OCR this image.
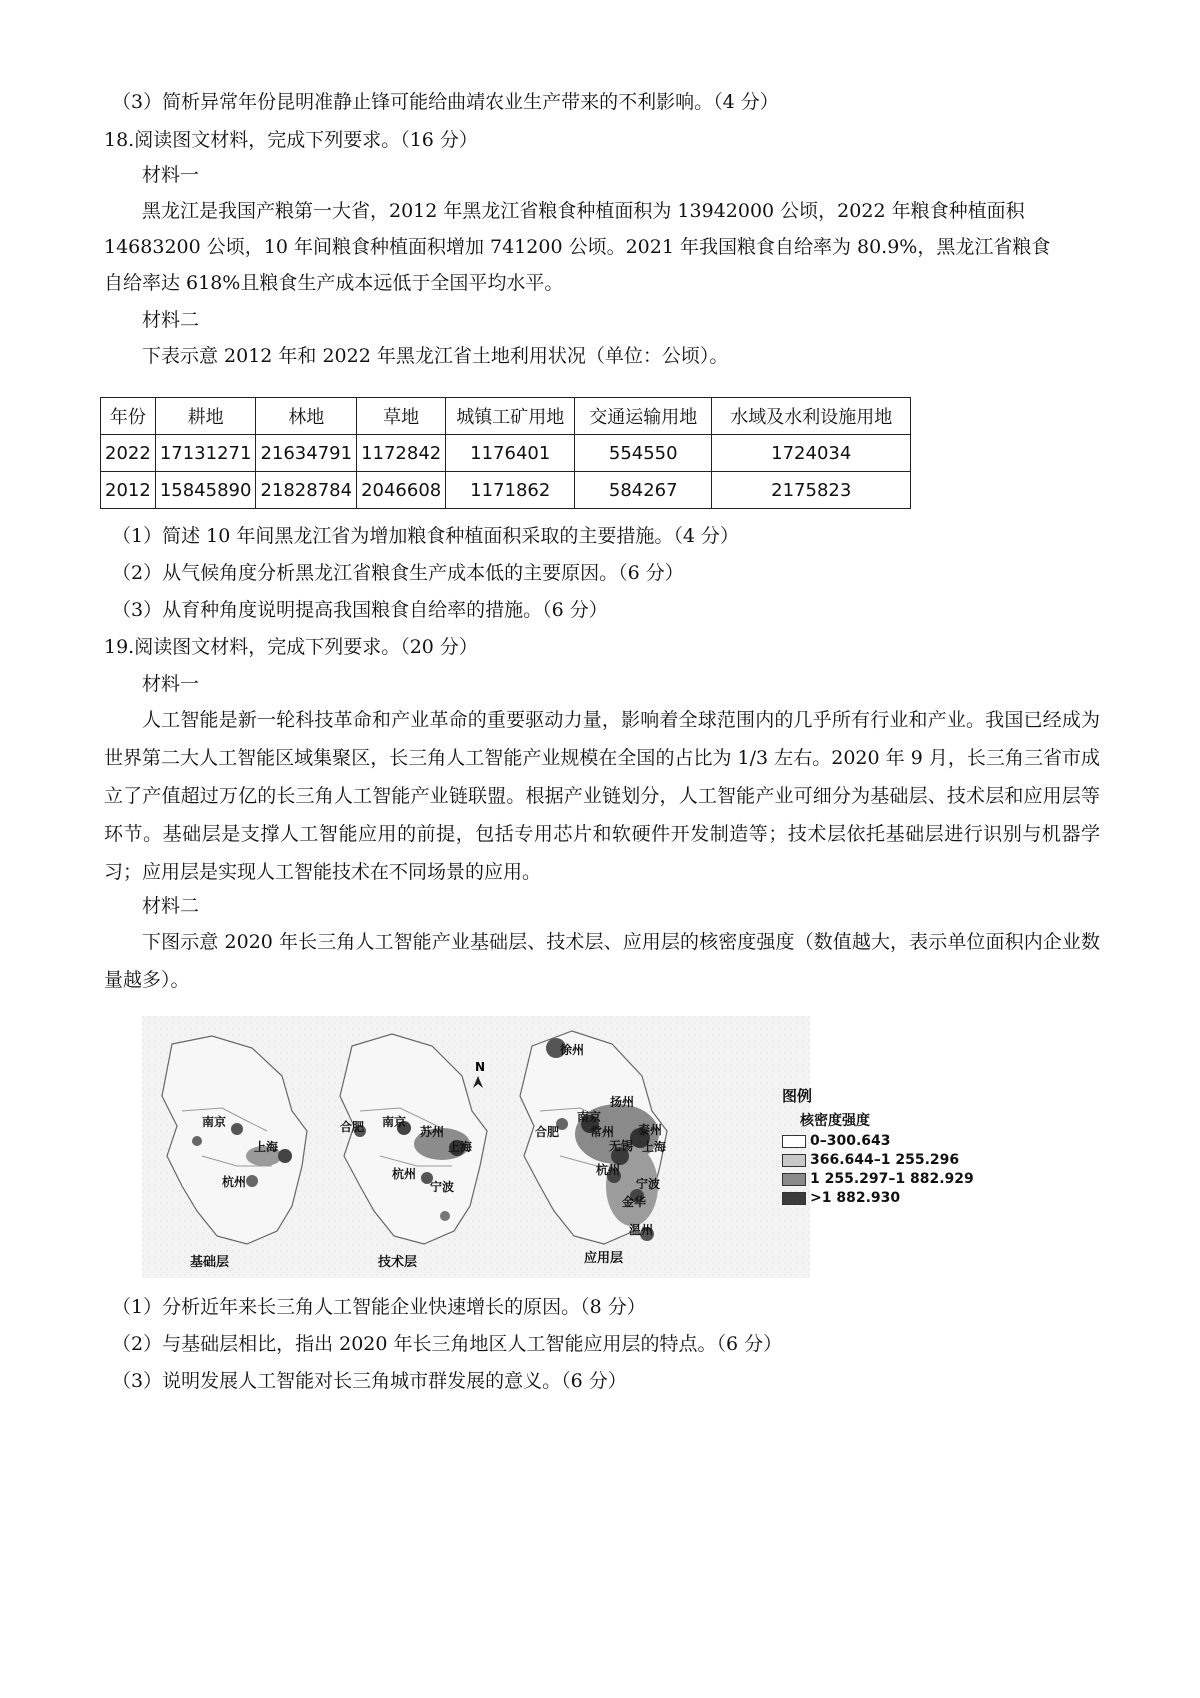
（3）简析异常年份昆明准静止锋可能给曲靖农业生产带来的不利影响。（4 分）
18.阅读图文材料，完成下列要求。（16 分）
材料一
黑龙江是我国产粮第一大省，2012 年黑龙江省粮食种植面积为 13942000 公顷，2022 年粮食种植面积
14683200 公顷，10 年间粮食种植面积增加 741200 公顷。2021 年我国粮食自给率为 80.9%，黑龙江省粮食
自给率达 618%且粮食生产成本远低于全国平均水平。
材料二
下表示意 2012 年和 2022 年黑龙江省土地利用状况（单位：公顷）。
年份	耕地	林地	草地	城镇工矿用地	交通运输用地	水域及水利设施用地
2022	17131271	21634791	1172842	1176401	554550	1724034
2012	15845890	21828784	2046608	1171862	584267	2175823
（1）简述 10 年间黑龙江省为增加粮食种植面积采取的主要措施。（4 分）
（2）从气候角度分析黑龙江省粮食生产成本低的主要原因。（6 分）
（3）从育种角度说明提高我国粮食自给率的措施。（6 分）
19.阅读图文材料，完成下列要求。（20 分）
材料一
人工智能是新一轮科技革命和产业革命的重要驱动力量，影响着全球范围内的几乎所有行业和产业。我国已经成为世界第二大人工智能区域集聚区，长三角人工智能产业规模在全国的占比为 1/3 左右。2020 年 9 月，长三角三省市成立了产值超过万亿的长三角人工智能产业链联盟。根据产业链划分，人工智能产业可细分为基础层、技术层和应用层等环节。基础层是支撑人工智能应用的前提，包括专用芯片和软硬件开发制造等；技术层依托基础层进行识别与机器学习；应用层是实现人工智能技术在不同场景的应用。
材料二
下图示意 2020 年长三角人工智能产业基础层、技术层、应用层的核密度强度（数值越大，表示单位面积内企业数量越多）。
N
南京
上海
杭州
合肥 南京
苏州
上海
杭州
宁波
徐州
扬州
南京
合肥	常州 泰州
无锡 上海
杭州
宁波
金华
温州
基础层	技术层	应用层
图例
核密度强度
0–300.643
366.644–1 255.296
1 255.297–1 882.929
>1 882.930
（1）分析近年来长三角人工智能企业快速增长的原因。（8 分）
（2）与基础层相比，指出 2020 年长三角地区人工智能应用层的特点。（6 分）
（3）说明发展人工智能对长三角城市群发展的意义。（6 分）
